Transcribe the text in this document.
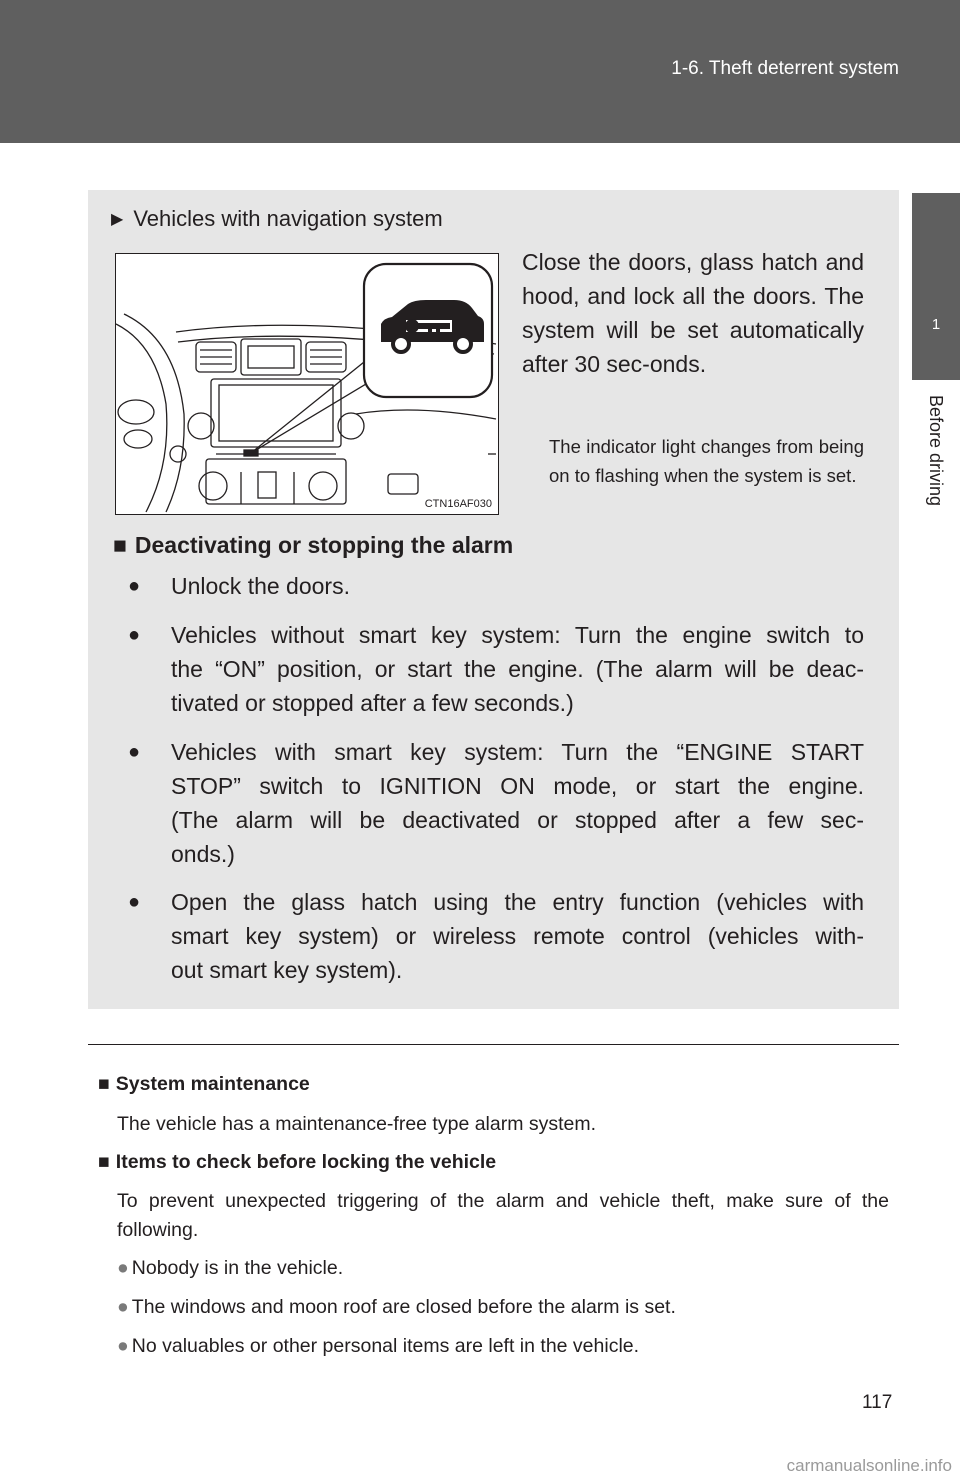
1-6. Theft deterrent system
1
Before driving
▶ Vehicles with navigation system
CTN16AF030
Close the doors, glass hatch and hood, and lock all the doors. The system will be set automatically after 30 sec-onds.
The indicator light changes from being on to flashing when the system is set.
■ Deactivating or stopping the alarm
● Unlock the doors.
● Vehicles without smart key system: Turn the engine switch to
the “ON” position, or start the engine. (The alarm will be deac-
tivated or stopped after a few seconds.)
● Vehicles with smart key system: Turn the “ENGINE START
STOP” switch to IGNITION ON mode, or start the engine.
(The alarm will be deactivated or stopped after a few sec-
onds.)
● Open the glass hatch using the entry function (vehicles with
smart key system) or wireless remote control (vehicles with-
out smart key system).
■ System maintenance
The vehicle has a maintenance-free type alarm system.
■ Items to check before locking the vehicle
To prevent unexpected triggering of the alarm and vehicle theft, make sure of the following.
● Nobody is in the vehicle.
● The windows and moon roof are closed before the alarm is set.
● No valuables or other personal items are left in the vehicle.
117
carmanualsonline.info
